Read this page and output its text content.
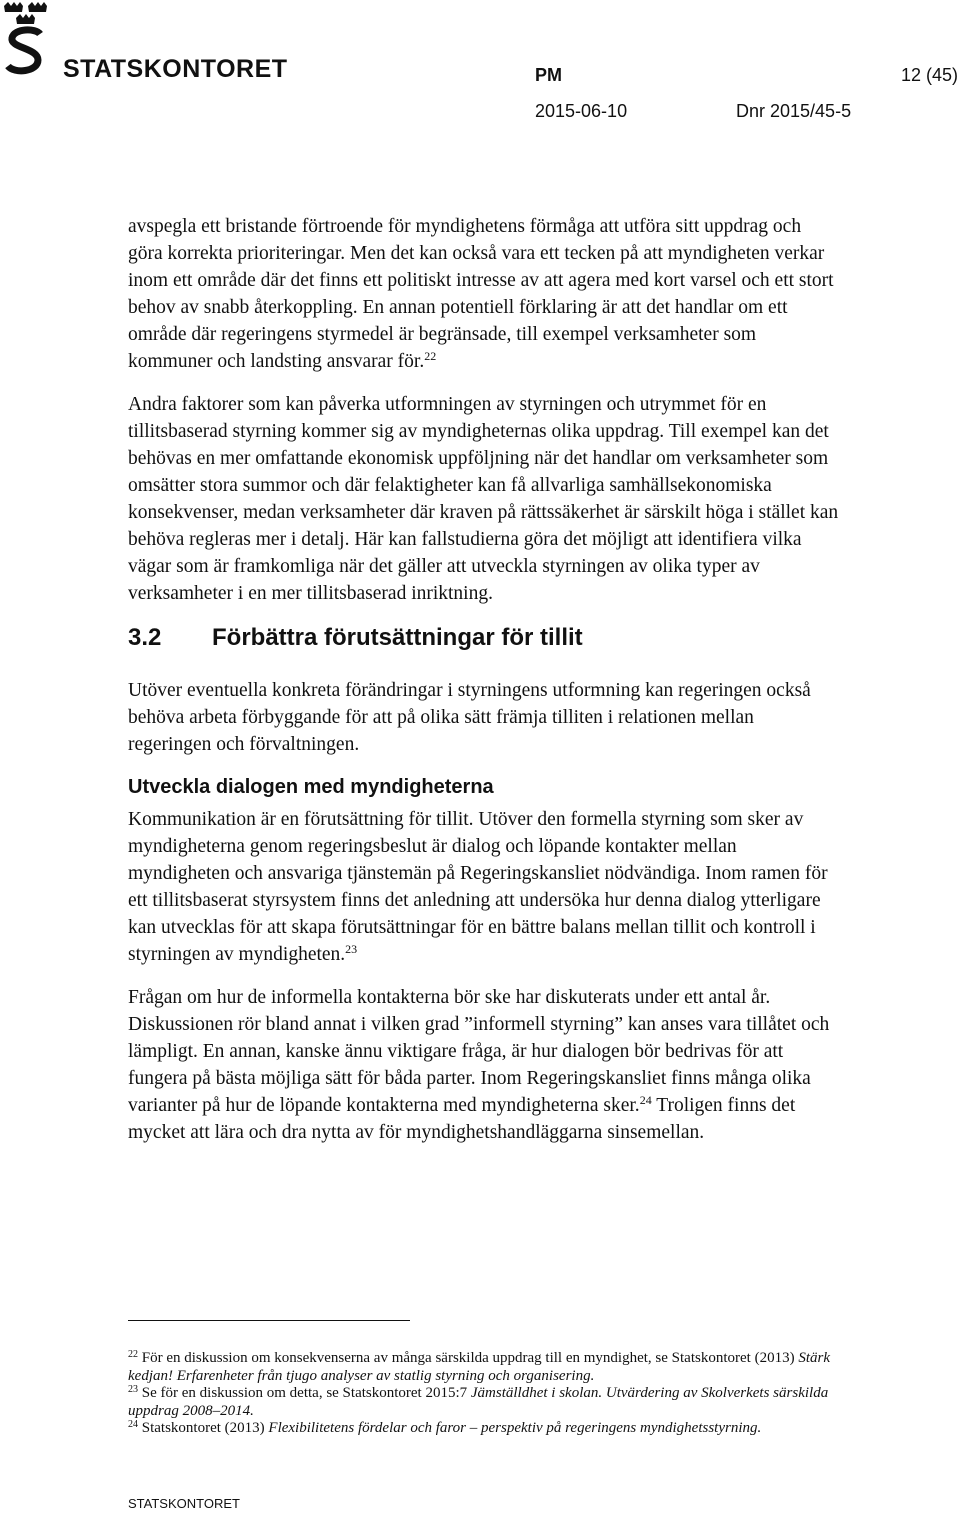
STATSKONTORET	PM	12 (45)
2015-06-10	Dnr 2015/45-5

avspegla ett bristande förtroende för myndighetens förmåga att utföra sitt uppdrag och göra korrekta prioriteringar. Men det kan också vara ett tecken på att myndigheten verkar inom ett område där det finns ett politiskt intresse av att agera med kort varsel och ett stort behov av snabb återkoppling. En annan potentiell förklaring är att det handlar om ett område där regeringens styrmedel är begränsade, till exempel verksamheter som kommuner och landsting ansvarar för.$^{22}$

Andra faktorer som kan påverka utformningen av styrningen och utrymmet för en tillitsbaserad styrning kommer sig av myndigheternas olika uppdrag. Till exempel kan det behövas en mer omfattande ekonomisk uppföljning när det handlar om verksamheter som omsätter stora summor och där felaktigheter kan få allvarliga samhällsekonomiska konsekvenser, medan verksamheter där kraven på rättssäkerhet är särskilt höga i stället kan behöva regleras mer i detalj. Här kan fallstudierna göra det möjligt att identifiera vilka vägar som är framkomliga när det gäller att utveckla styrningen av olika typer av verksamheter i en mer tillitsbaserad inriktning.

3.2 Förbättra förutsättningar för tillit

Utöver eventuella konkreta förändringar i styrningens utformning kan regeringen också behöva arbeta förbyggande för att på olika sätt främja tilliten i relationen mellan regeringen och förvaltningen.

Utveckla dialogen med myndigheterna

Kommunikation är en förutsättning för tillit. Utöver den formella styrning som sker av myndigheterna genom regeringsbeslut är dialog och löpande kontakter mellan myndigheten och ansvariga tjänstemän på Regeringskansliet nödvändiga. Inom ramen för ett tillitsbaserat styrsystem finns det anledning att undersöka hur denna dialog ytterligare kan utvecklas för att skapa förutsättningar för en bättre balans mellan tillit och kontroll i styrningen av myndigheten.$^{23}$

Frågan om hur de informella kontakterna bör ske har diskuterats under ett antal år. Diskussionen rör bland annat i vilken grad ”informell styrning” kan anses vara tillåtet och lämpligt. En annan, kanske ännu viktigare fråga, är hur dialogen bör bedrivas för att fungera på bästa möjliga sätt för båda parter. Inom Regeringskansliet finns många olika varianter på hur de löpande kontakterna med myndigheterna sker.$^{24}$ Troligen finns det mycket att lära och dra nytta av för myndighetshandläggarna sinsemellan.

$^{22}$ För en diskussion om konsekvenserna av många särskilda uppdrag till en myndighet, se Statskontoret (2013) Stärk kedjan! Erfarenheter från tjugo analyser av statlig styrning och organisering.

$^{23}$ Se för en diskussion om detta, se Statskontoret 2015:7 Jämställdhet i skolan. Utvärdering av Skolverkets särskilda uppdrag 2008–2014.

$^{24}$ Statskontoret (2013) Flexibilitetens fördelar och faror – perspektiv på regeringens myndighetsstyrning.

STATSKONTORET
